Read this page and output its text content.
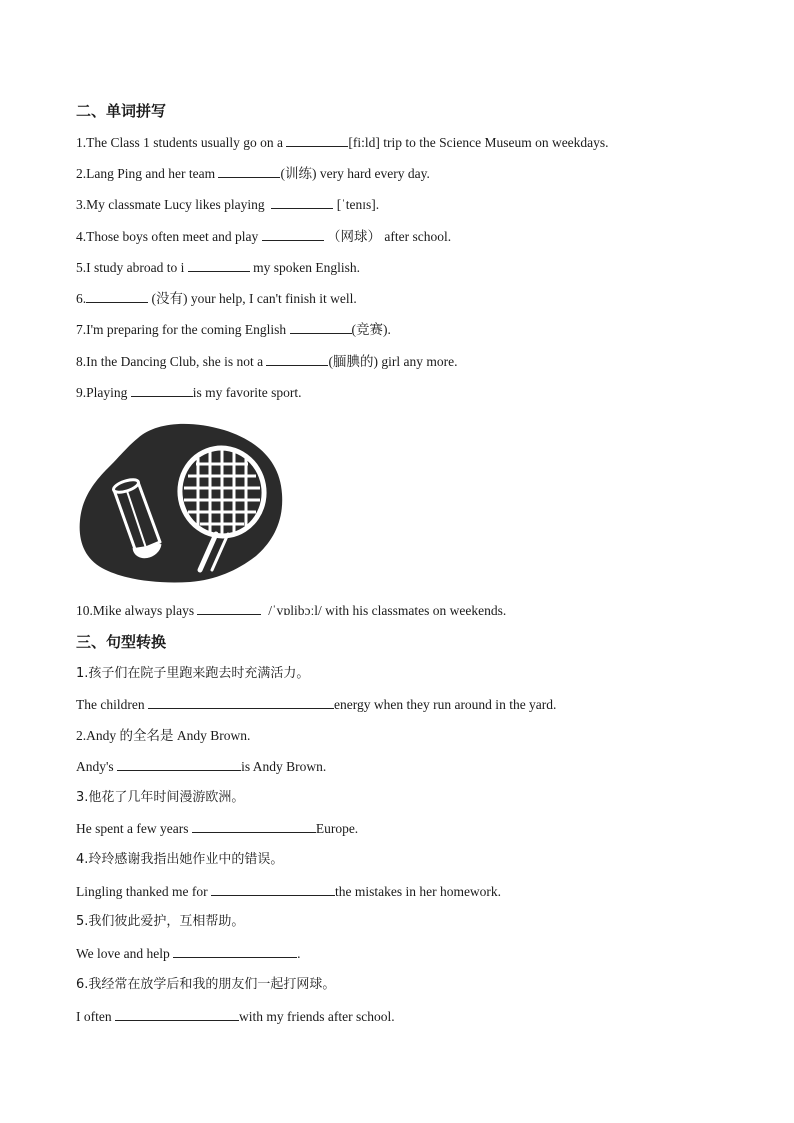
二、单词拼写
1.The Class 1 students usually go on a	[fi:ld] trip to the Science Museum on weekdays.
2.Lang Ping and her team	(训练) very hard every day.
3.My classmate Lucy likes playing	[ˈtenɪs].
4.Those boys often meet and play	（网球） after school.
5.I study abroad to i	my spoken English.
6.	(没有) your help, I can't finish it well.
7.I'm preparing for the coming English	(竞赛).
8.In the Dancing Club, she is not a	(腼腆的) girl any more.
9.Playing	is my favorite sport.
10.Mike always plays	/ˈvɒlibɔːl/ with his classmates on weekends.
三、句型转换
1.孩子们在院子里跑来跑去时充满活力。
The children	energy when they run around in the yard.
2.Andy 的全名是 Andy Brown.
Andy's	is Andy Brown.
3.他花了几年时间漫游欧洲。
He spent a few years	Europe.
4.玲玲感谢我指出她作业中的错误。
Lingling thanked me for	the mistakes in her homework.
5.我们彼此爱护，互相帮助。
We love and help	.
6.我经常在放学后和我的朋友们一起打网球。
I often	with my friends after school.
